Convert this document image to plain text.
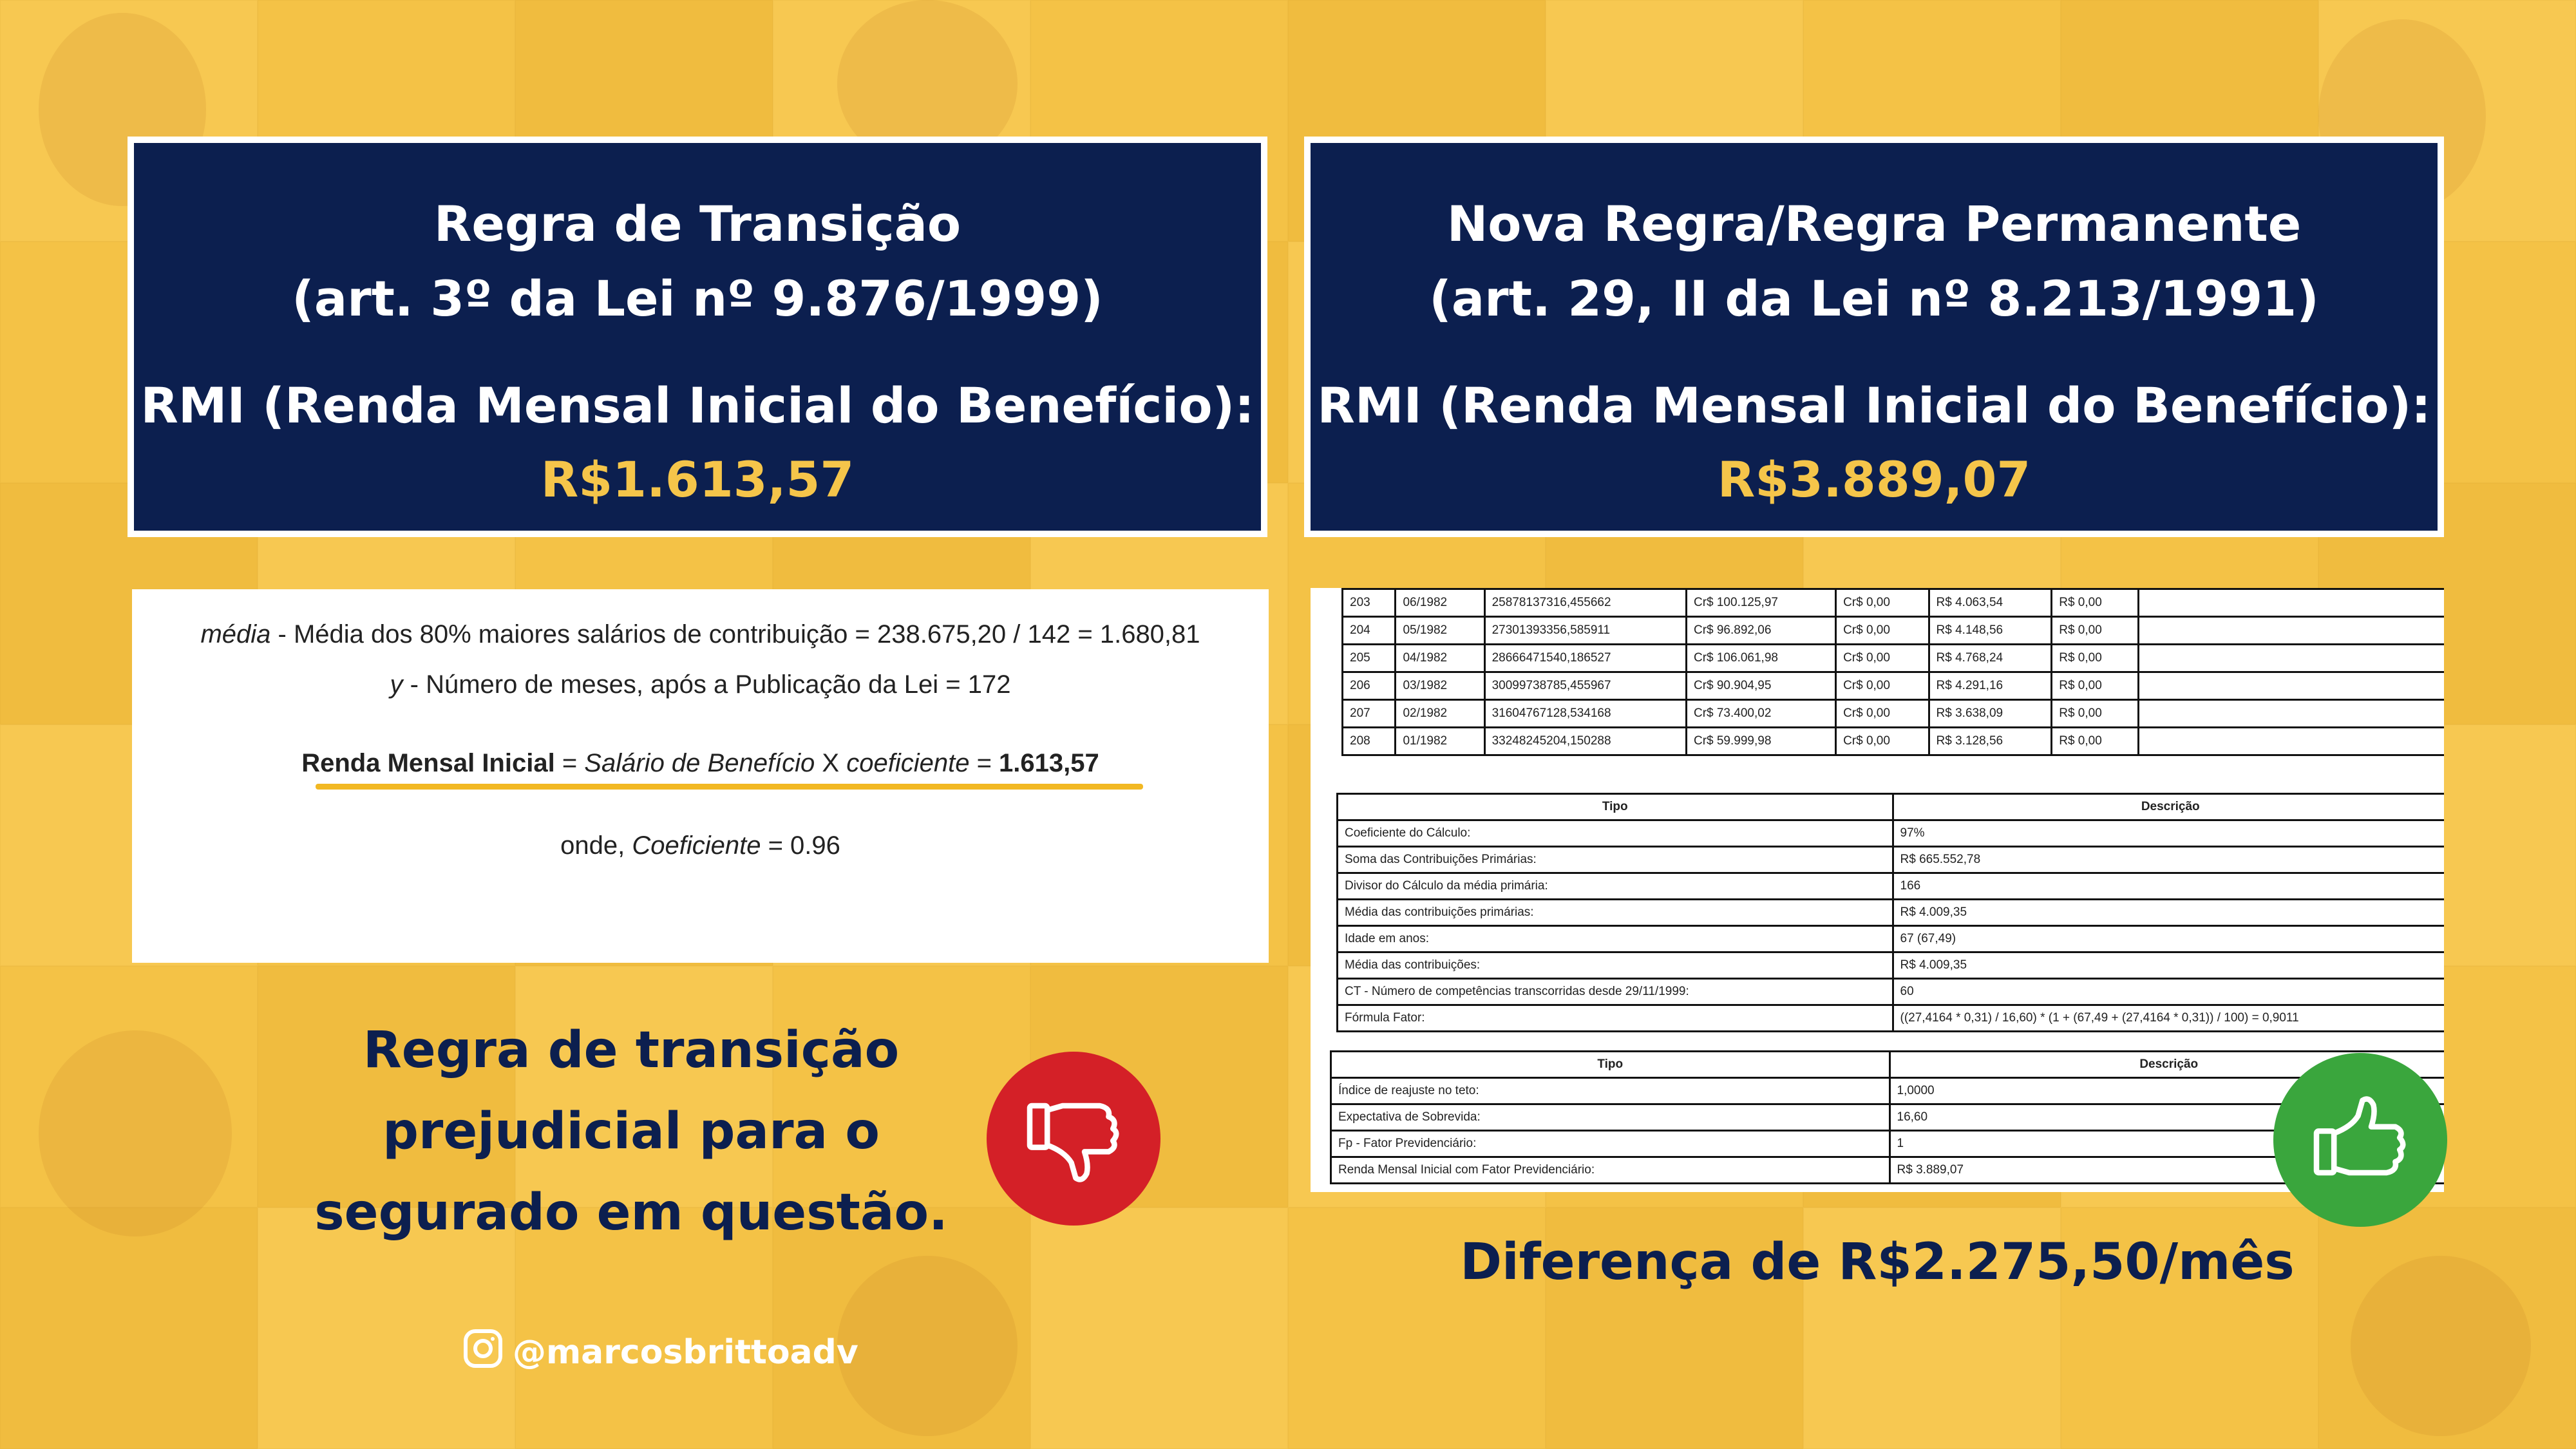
Regra de Transição
(art. 3º da Lei nº 9.876/1999)
RMI (Renda Mensal Inicial do Benefício):
R$1.613,57
Nova Regra/Regra Permanente
(art. 29, II da Lei nº 8.213/1991)
RMI (Renda Mensal Inicial do Benefício):
R$3.889,07
média - Média dos 80% maiores salários de contribuição = 238.675,20 / 142 = 1.680,81
y - Número de meses, após a Publicação da Lei = 172
Renda Mensal Inicial = Salário de Benefício X coeficiente = 1.613,57
onde, Coeficiente = 0.96
203	06/1982	25878137316,455662	Cr$ 100.125,97	Cr$ 0,00	R$ 4.063,54	R$ 0,00	
204	05/1982	27301393356,585911	Cr$ 96.892,06	Cr$ 0,00	R$ 4.148,56	R$ 0,00	
205	04/1982	28666471540,186527	Cr$ 106.061,98	Cr$ 0,00	R$ 4.768,24	R$ 0,00	
206	03/1982	30099738785,455967	Cr$ 90.904,95	Cr$ 0,00	R$ 4.291,16	R$ 0,00	
207	02/1982	31604767128,534168	Cr$ 73.400,02	Cr$ 0,00	R$ 3.638,09	R$ 0,00	
208	01/1982	33248245204,150288	Cr$ 59.999,98	Cr$ 0,00	R$ 3.128,56	R$ 0,00	
Tipo	Descrição
Coeficiente do Cálculo:	97%
Soma das Contribuições Primárias:	R$ 665.552,78
Divisor do Cálculo da média primária:	166
Média das contribuições primárias:	R$ 4.009,35
Idade em anos:	67 (67,49)
Média das contribuições:	R$ 4.009,35
CT - Número de competências transcorridas desde 29/11/1999:	60
Fórmula Fator:	((27,4164 * 0,31) / 16,60) * (1 + (67,49 + (27,4164 * 0,31)) / 100) = 0,9011
Tipo	Descrição
Índice de reajuste no teto:	1,0000
Expectativa de Sobrevida:	16,60
Fp - Fator Previdenciário:	1
Renda Mensal Inicial com Fator Previdenciário:	R$ 3.889,07
Regra de transição
prejudicial para o
segurado em questão.
Diferença de R$2.275,50/mês
@marcosbrittoadv
